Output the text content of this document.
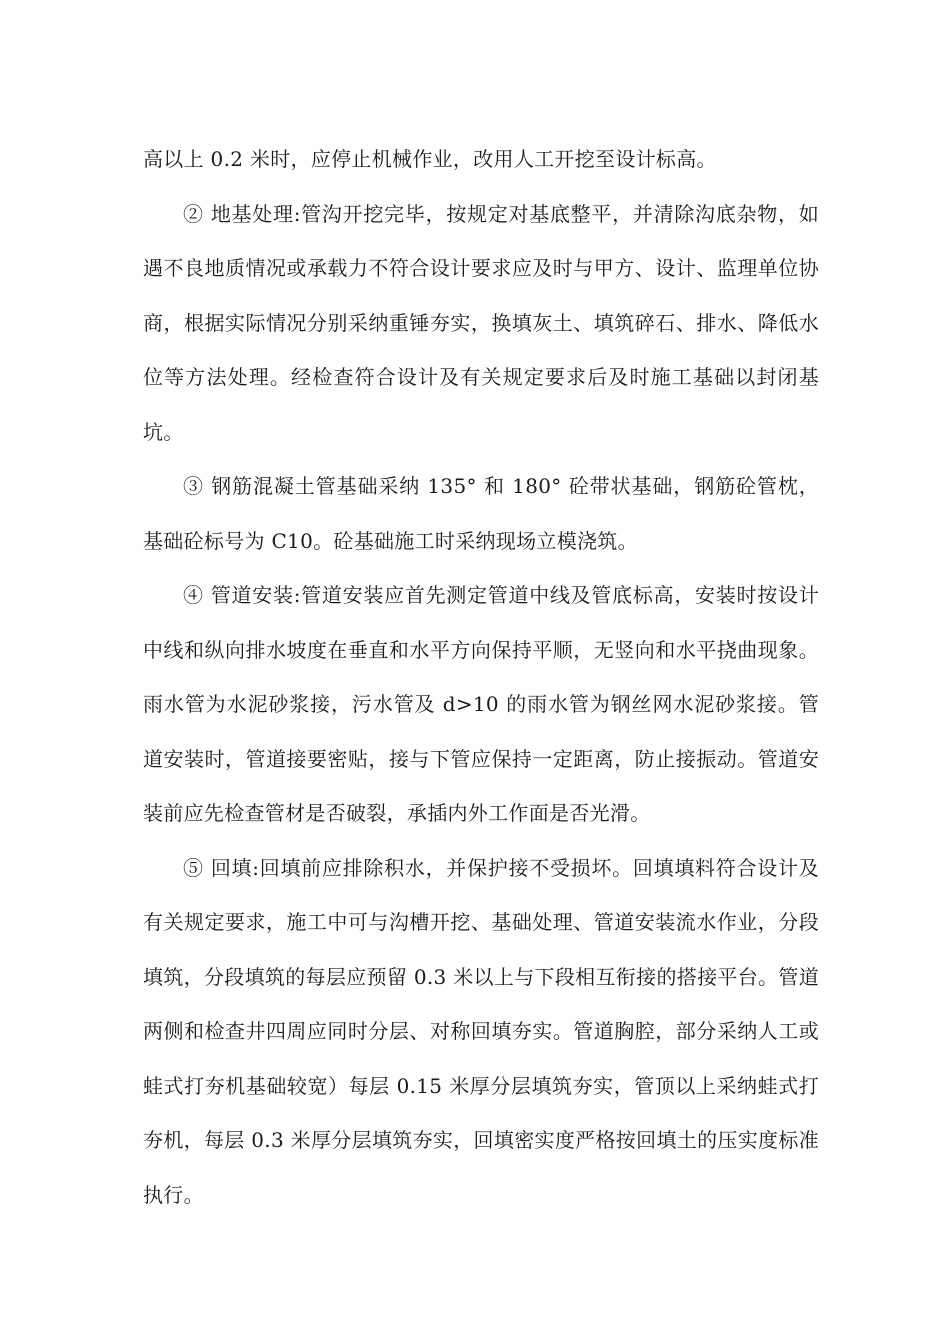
高以上 0.2 米时，应停止机械作业，改用人工开挖至设计标高。

② 地基处理:管沟开挖完毕，按规定对基底整平，并清除沟底杂物，如遇不良地质情况或承载力不符合设计要求应及时与甲方、设计、监理单位协商，根据实际情况分别采纳重锤夯实，换填灰土、填筑碎石、排水、降低水位等方法处理。经检查符合设计及有关规定要求后及时施工基础以封闭基坑。

③ 钢筋混凝土管基础采纳 135° 和 180° 砼带状基础，钢筋砼管枕，基础砼标号为 C10。砼基础施工时采纳现场立模浇筑。

④ 管道安装:管道安装应首先测定管道中线及管底标高，安装时按设计中线和纵向排水坡度在垂直和水平方向保持平顺，无竖向和水平挠曲现象。雨水管为水泥砂浆接，污水管及 d>10 的雨水管为钢丝网水泥砂浆接。管道安装时，管道接要密贴，接与下管应保持一定距离，防止接振动。管道安装前应先检查管材是否破裂，承插内外工作面是否光滑。

⑤ 回填:回填前应排除积水，并保护接不受损坏。回填填料符合设计及有关规定要求，施工中可与沟槽开挖、基础处理、管道安装流水作业，分段填筑，分段填筑的每层应预留 0.3 米以上与下段相互衔接的搭接平台。管道两侧和检查井四周应同时分层、对称回填夯实。管道胸腔，部分采纳人工或蛙式打夯机基础较宽）每层 0.15 米厚分层填筑夯实，管顶以上采纳蛙式打夯机，每层 0.3 米厚分层填筑夯实，回填密实度严格按回填土的压实度标准执行。
